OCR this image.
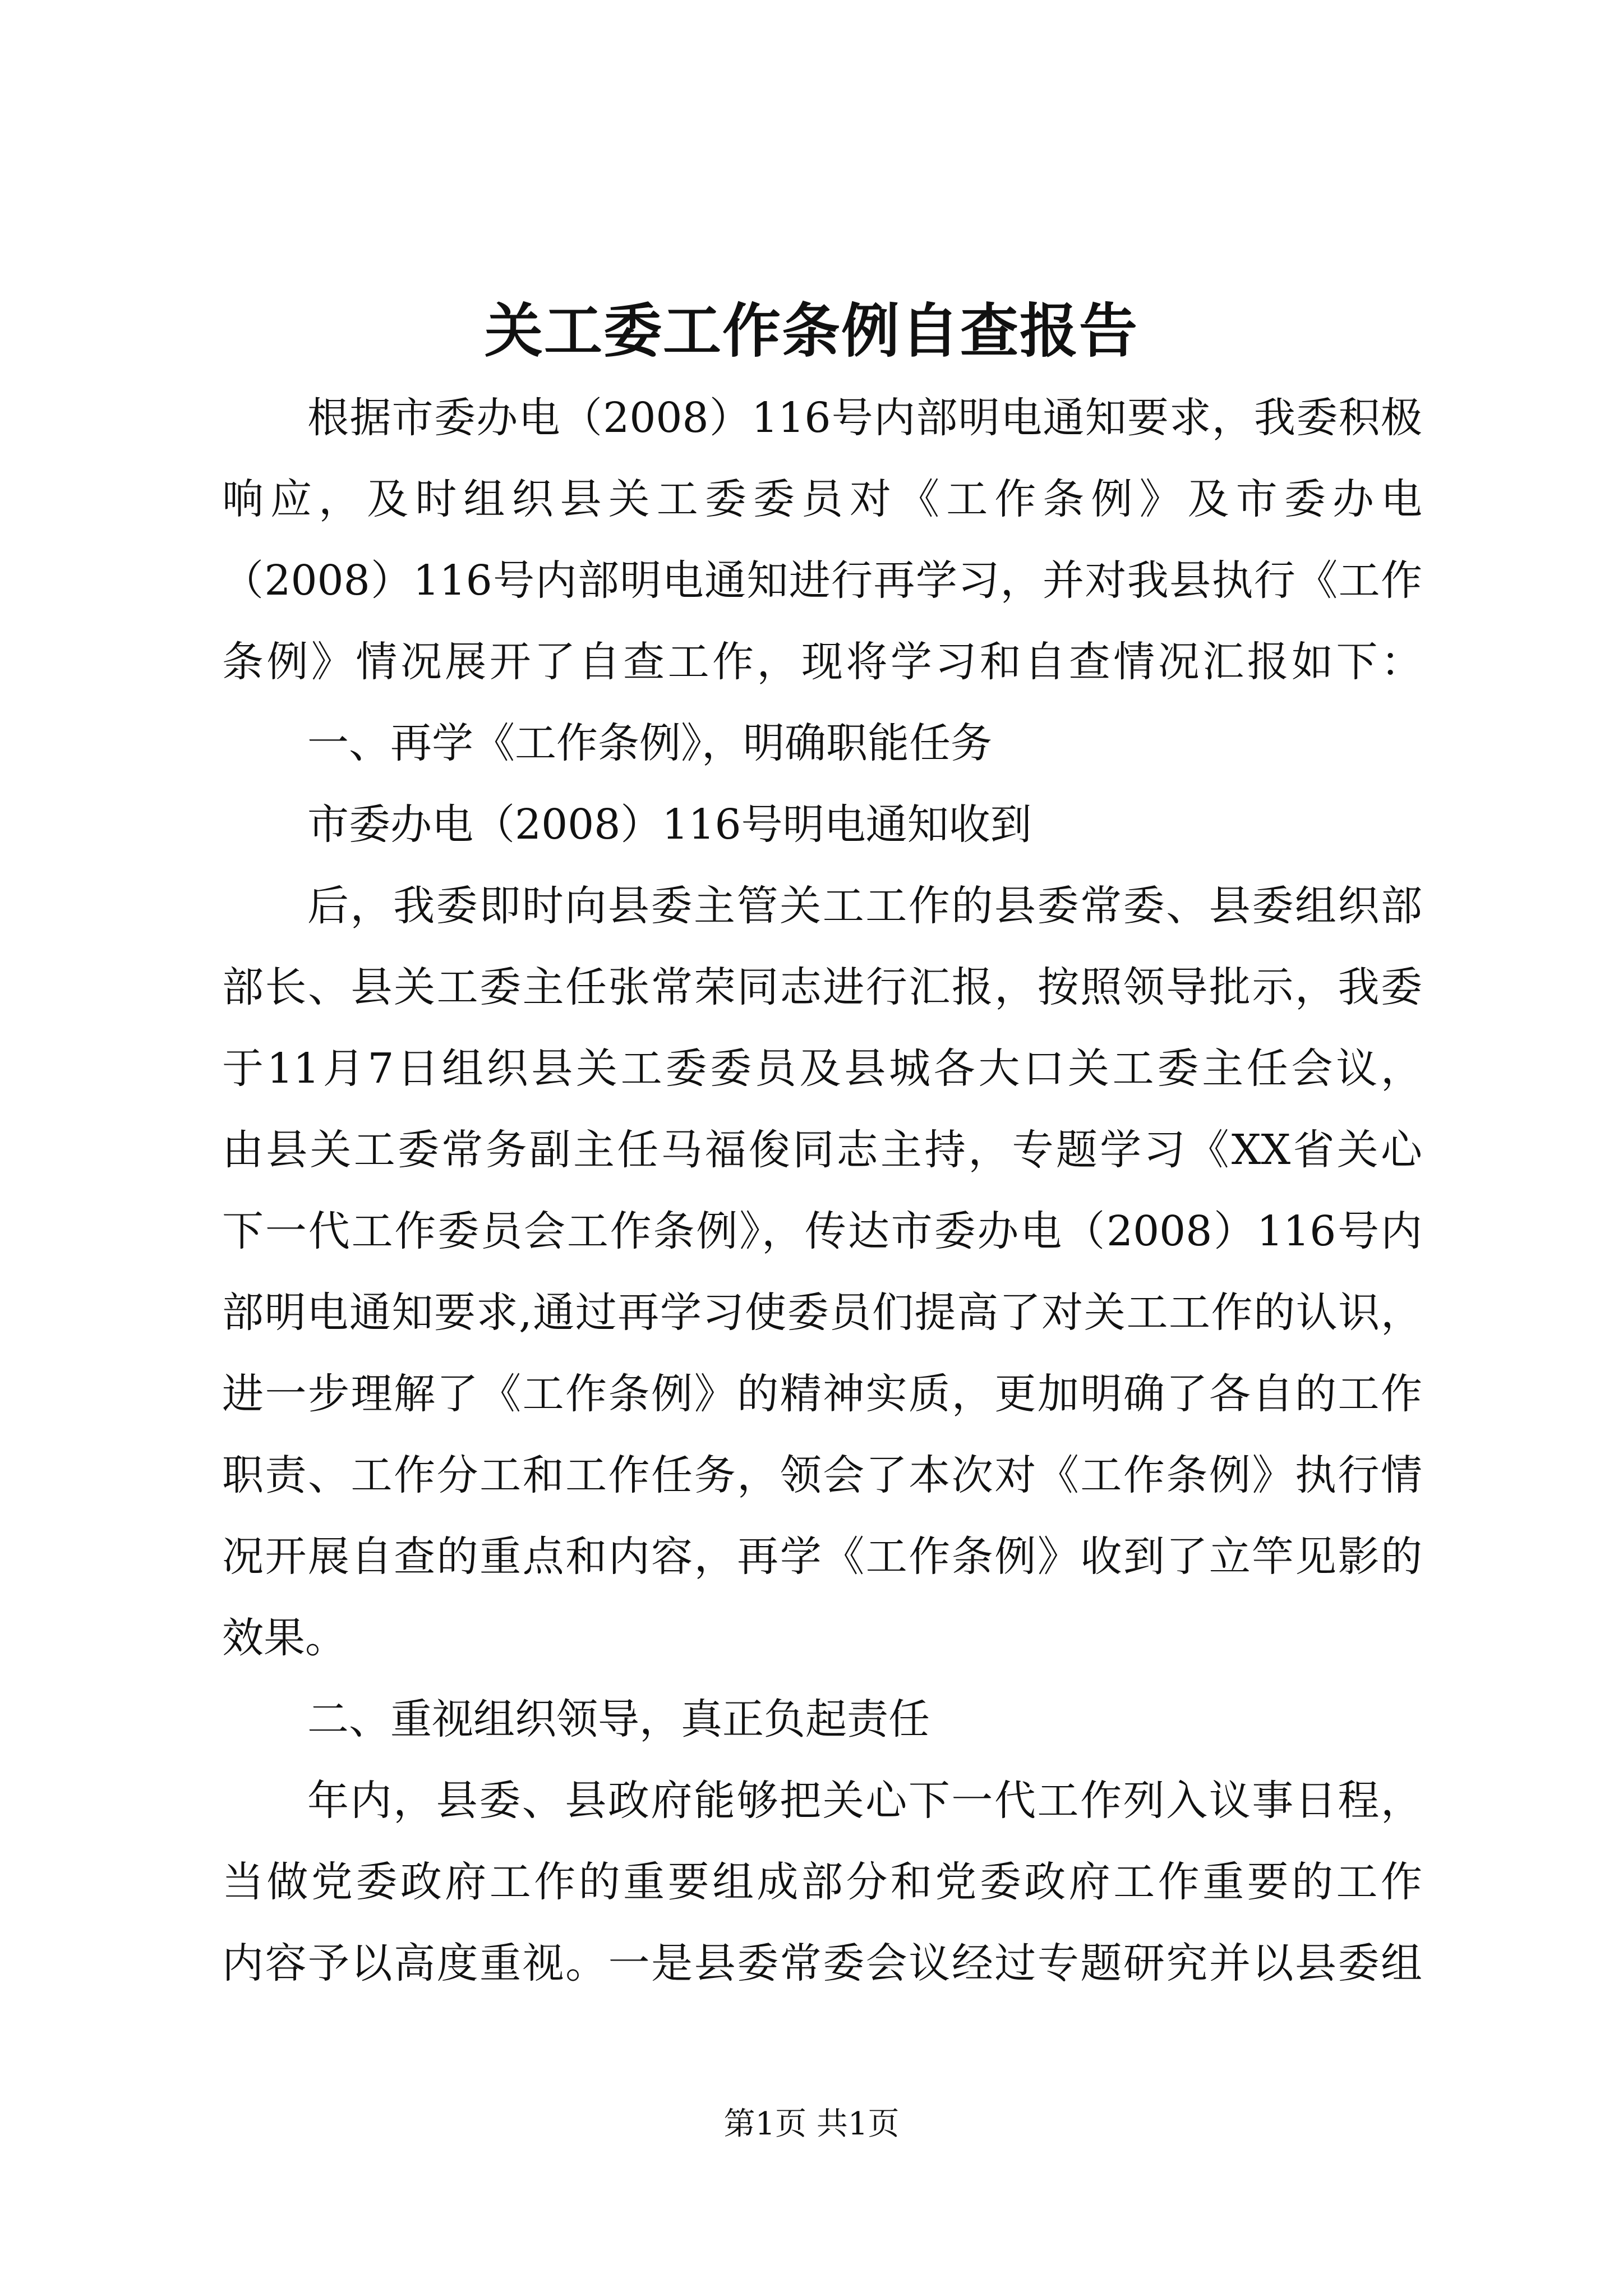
关工委工作条例自查报告

根据市委办电（2008）116号内部明电通知要求，我委积极

响应，及时组织县关工委委员对《工作条例》及市委办电

（2008）116号内部明电通知进行再学习，并对我县执行《工作

条例》情况展开了自查工作，现将学习和自查情况汇报如下：

一、再学《工作条例》，明确职能任务

市委办电（2008）116号明电通知收到

后，我委即时向县委主管关工工作的县委常委、县委组织部

部长、县关工委主任张常荣同志进行汇报，按照领导批示，我委

于11月7日组织县关工委委员及县城各大口关工委主任会议，

由县关工委常务副主任马福俊同志主持，专题学习《XX省关心

下一代工作委员会工作条例》，传达市委办电（2008）116号内

部明电通知要求,通过再学习使委员们提高了对关工工作的认识，

进一步理解了《工作条例》的精神实质，更加明确了各自的工作

职责、工作分工和工作任务，领会了本次对《工作条例》执行情

况开展自查的重点和内容，再学《工作条例》收到了立竿见影的

效果。

二、重视组织领导，真正负起责任

年内，县委、县政府能够把关心下一代工作列入议事日程，

当做党委政府工作的重要组成部分和党委政府工作重要的工作

内容予以高度重视。一是县委常委会议经过专题研究并以县委组

第1页 共1页
